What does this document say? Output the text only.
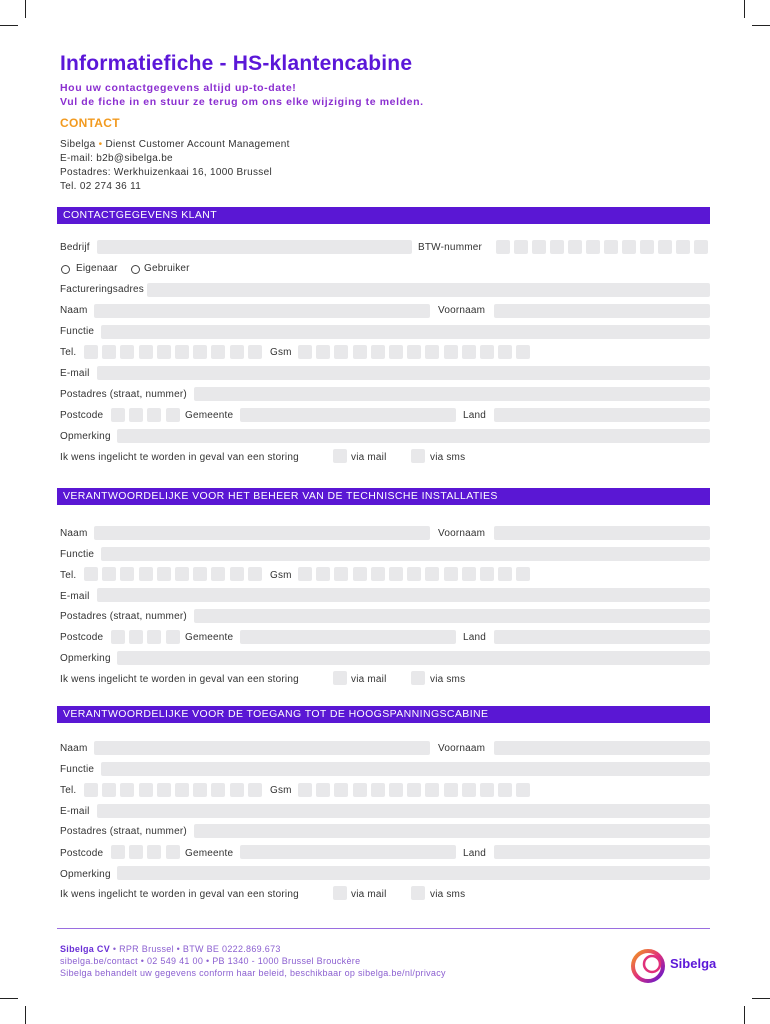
Informatiefiche - HS-klantencabine
Hou uw contactgegevens altijd up-to-date!
Vul de fiche in en stuur ze terug om ons elke wijziging te melden.
CONTACT
Sibelga • Dienst Customer Account Management
E-mail: b2b@sibelga.be
Postadres: Werkhuizenkaai 16, 1000 Brussel
Tel. 02 274 36 11
CONTACTGEGEVENS KLANT
Bedrijf	BTW-nummer
Eigenaar	Gebruiker
Factureringsadres
Naam	Voornaam
Functie
Tel.	Gsm
E-mail
Postadres (straat, nummer)
Postcode	Gemeente	Land
Opmerking
Ik wens ingelicht te worden in geval van een storing	via mail	via sms
VERANTWOORDELIJKE VOOR HET BEHEER VAN DE TECHNISCHE INSTALLATIES
Naam	Voornaam
Functie
Tel.	Gsm
E-mail
Postadres (straat, nummer)
Postcode	Gemeente	Land
Opmerking
Ik wens ingelicht te worden in geval van een storing	via mail	via sms
VERANTWOORDELIJKE VOOR DE TOEGANG TOT DE HOOGSPANNINGSCABINE
Naam	Voornaam
Functie
Tel.	Gsm
E-mail
Postadres (straat, nummer)
Postcode	Gemeente	Land
Opmerking
Ik wens ingelicht te worden in geval van een storing	via mail	via sms
Sibelga CV • RPR Brussel • BTW BE 0222.869.673
sibelga.be/contact • 02 549 41 00 • PB 1340 - 1000 Brussel Brouckère
Sibelga behandelt uw gegevens conform haar beleid, beschikbaar op sibelga.be/nl/privacy
Sibelga
